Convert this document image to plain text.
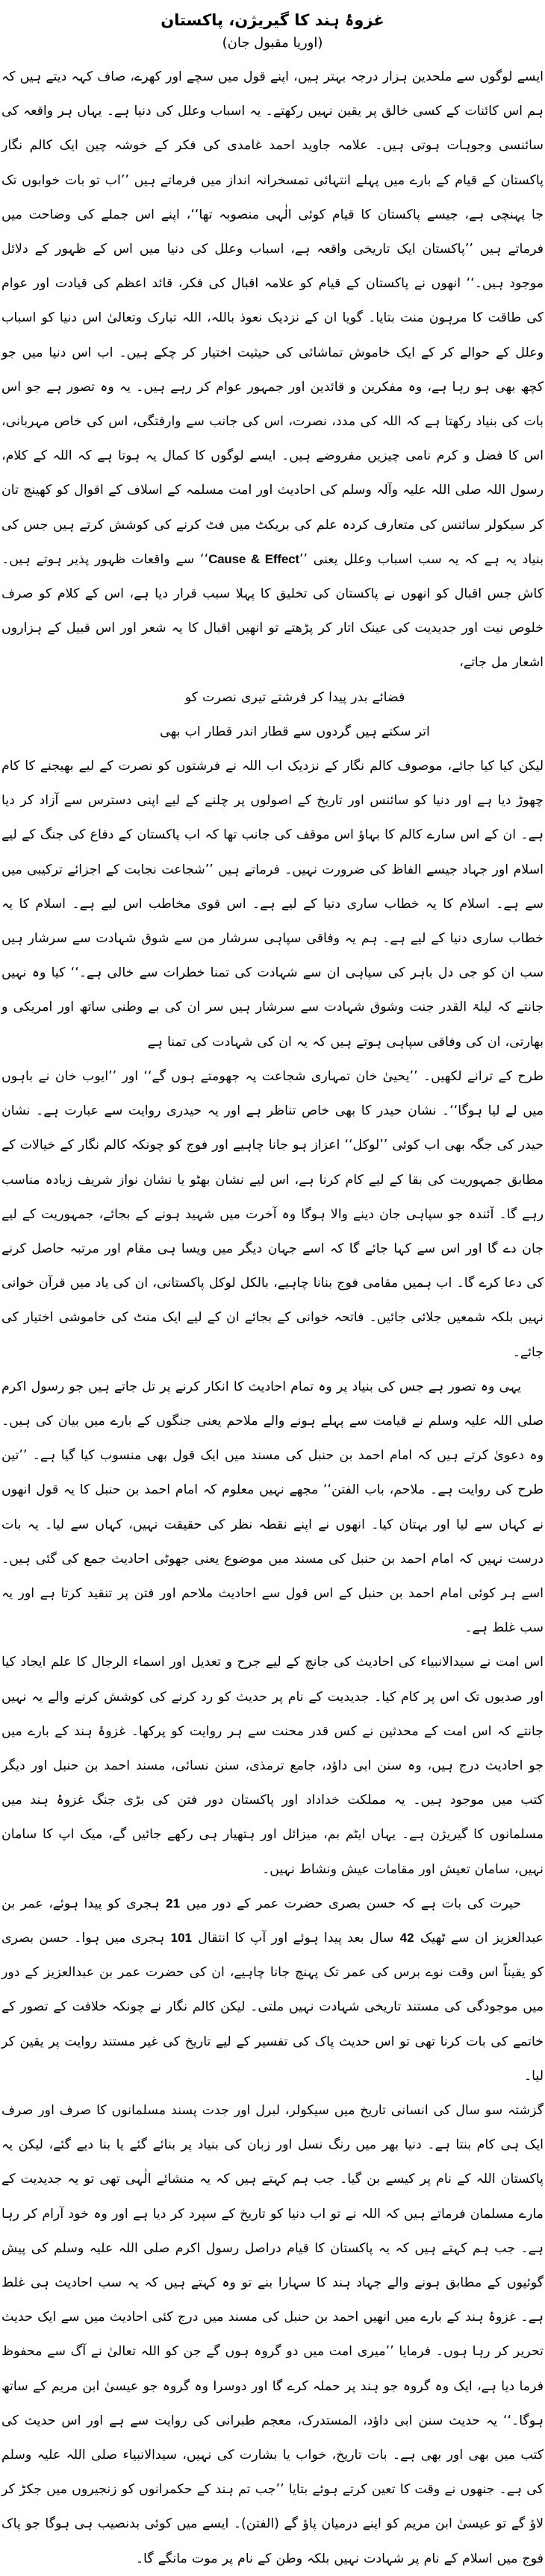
غزوۂ ہند کا گیریژن، پاکستان
(اوریا مقبول جان)

ایسے لوگوں سے ملحدین ہزار درجہ بہتر ہیں، اپنے قول میں سچے اور کھرے، صاف کہہ دیتے ہیں کہ ہم اس کائنات کے کسی خالق پر یقین نہیں رکھتے۔ یہ اسباب وعلل کی دنیا ہے۔ یہاں ہر واقعہ کی سائنسی وجوہات ہوتی ہیں۔ علامہ جاوید احمد غامدی کی فکر کے خوشہ چین ایک کالم نگار پاکستان کے قیام کے بارے میں پہلے انتہائی تمسخرانہ انداز میں فرماتے ہیں ’’اب تو بات خوابوں تک جا پہنچی ہے، جیسے پاکستان کا قیام کوئی الٰہی منصوبہ تھا‘‘، اپنے اس جملے کی وضاحت میں فرماتے ہیں ’’پاکستان ایک تاریخی واقعہ ہے، اسباب وعلل کی دنیا میں اس کے ظہور کے دلائل موجود ہیں۔‘‘ انھوں نے پاکستان کے قیام کو علامہ اقبال کی فکر، قائد اعظم کی قیادت اور عوام کی طاقت کا مرہون منت بتایا۔ گویا ان کے نزدیک نعوذ باللہ، اللہ تبارک وتعالیٰ اس دنیا کو اسباب وعلل کے حوالے کر کے ایک خاموش تماشائی کی حیثیت اختیار کر چکے ہیں۔ اب اس دنیا میں جو کچھ بھی ہو رہا ہے، وہ مفکرین و قائدین اور جمہور عوام کر رہے ہیں۔ یہ وہ تصور ہے جو اس بات کی بنیاد رکھتا ہے کہ اللہ کی مدد، نصرت، اس کی جانب سے وارفتگی، اس کی خاص مہربانی، اس کا فضل و کرم نامی چیزیں مفروضے ہیں۔ ایسے لوگوں کا کمال یہ ہوتا ہے کہ اللہ کے کلام، رسول اللہ صلی اللہ علیہ وآلہ وسلم کی احادیث اور امت مسلمہ کے اسلاف کے اقوال کو کھینچ تان کر سیکولر سائنس کی متعارف کردہ علم کی بریکٹ میں فٹ کرنے کی کوشش کرتے ہیں جس کی بنیاد یہ ہے کہ یہ سب اسباب وعلل یعنی ’’Cause & Effect‘‘ سے واقعات ظہور پذیر ہوتے ہیں۔ کاش جس اقبال کو انھوں نے پاکستان کی تخلیق کا پہلا سبب قرار دیا ہے، اس کے کلام کو صرف خلوص نیت اور جدیدیت کی عینک اتار کر پڑھتے تو انھیں اقبال کا یہ شعر اور اس قبیل کے ہزاروں اشعار مل جاتے،

فضائے بدر پیدا کر فرشتے تیری نصرت کو
اتر سکتے ہیں گردوں سے قطار اندر قطار اب بھی

لیکن کیا کیا جائے، موصوف کالم نگار کے نزدیک اب اللہ نے فرشتوں کو نصرت کے لیے بھیجنے کا کام چھوڑ دیا ہے اور دنیا کو سائنس اور تاریخ کے اصولوں پر چلنے کے لیے اپنی دسترس سے آزاد کر دیا ہے۔ ان کے اس سارے کالم کا بہاؤ اس موقف کی جانب تھا کہ اب پاکستان کے دفاع کی جنگ کے لیے اسلام اور جہاد جیسے الفاظ کی ضرورت نہیں۔ فرماتے ہیں ’’شجاعت نجابت کے اجزائے ترکیبی میں سے ہے۔ اسلام کا یہ خطاب ساری دنیا کے لیے ہے۔ اس قوی مخاطب اس لیے ہے۔ اسلام کا یہ خطاب ساری دنیا کے لیے ہے۔ ہم یہ وفاقی سپاہی سرشار من سے شوق شہادت سے سرشار ہیں سب ان کو جی دل باہر کی سپاہی ان سے شہادت کی تمنا خطرات سے خالی ہے۔‘‘ کیا وہ نہیں جانتے کہ لیلۃ القدر جنت وشوق شہادت سے سرشار ہیں سر ان کی بے وطنی ساتھ اور امریکی و بھارتی، ان کی وفاقی سپاہی ہوتے ہیں کہ یہ ان کی شہادت کی تمنا ہے

طرح کے ترانے لکھیں۔ ’’یحییٰ خان تمہاری شجاعت پہ جھومتے ہوں گے‘‘ اور ’’ایوب خان نے باہوں میں لے لیا ہوگا‘‘۔ نشان حیدر کا بھی خاص تناظر ہے اور یہ حیدری روایت سے عبارت ہے۔ نشان حیدر کی جگہ بھی اب کوئی ’’لوکل‘‘ اعزاز ہو جانا چاہیے اور فوج کو چونکہ کالم نگار کے خیالات کے مطابق جمہوریت کی بقا کے لیے کام کرنا ہے، اس لیے نشان بھٹو یا نشان نواز شریف زیادہ مناسب رہے گا۔ آئندہ جو سپاہی جان دینے والا ہوگا وہ آخرت میں شہید ہونے کے بجائے، جمہوریت کے لیے جان دے گا اور اس سے کہا جائے گا کہ اسے جہان دیگر میں ویسا ہی مقام اور مرتبہ حاصل کرنے کی دعا کرے گا۔ اب ہمیں مقامی فوج بنانا چاہیے، بالکل لوکل پاکستانی، ان کی یاد میں قرآن خوانی نہیں بلکہ شمعیں جلائی جائیں۔ فاتحہ خوانی کے بجائے ان کے لیے ایک منٹ کی خاموشی اختیار کی جائے۔

یہی وہ تصور ہے جس کی بنیاد پر وہ تمام احادیث کا انکار کرنے پر تل جاتے ہیں جو رسول اکرم صلی اللہ علیہ وسلم نے قیامت سے پہلے ہونے والے ملاحم یعنی جنگوں کے بارے میں بیان کی ہیں۔ وہ دعویٰ کرتے ہیں کہ امام احمد بن حنبل کی مسند میں ایک قول بھی منسوب کیا گیا ہے۔ ’’تین طرح کی روایت ہے۔ ملاحم، باب الفتن‘‘ مجھے نہیں معلوم کہ امام احمد بن حنبل کا یہ قول انھوں نے کہاں سے لیا اور بہتان کیا۔ انھوں نے اپنے نقطہ نظر کی حقیقت نہیں، کہاں سے لیا۔ یہ بات درست نہیں کہ امام احمد بن حنبل کی مسند میں موضوع یعنی جھوٹی احادیث جمع کی گئی ہیں۔ اسے ہر کوئی امام احمد بن حنبل کے اس قول سے احادیث ملاحم اور فتن پر تنقید کرتا ہے اور یہ سب غلط ہے۔

اس امت نے سیدالانبیاء کی احادیث کی جانچ کے لیے جرح و تعدیل اور اسماء الرجال کا علم ایجاد کیا اور صدیوں تک اس پر کام کیا۔ جدیدیت کے نام پر حدیث کو رد کرنے کی کوشش کرنے والے یہ نہیں جانتے کہ اس امت کے محدثین نے کس قدر محنت سے ہر روایت کو پرکھا۔ غزوۂ ہند کے بارے میں جو احادیث درج ہیں، وہ سنن ابی داؤد، جامع ترمذی، سنن نسائی، مسند احمد بن حنبل اور دیگر کتب میں موجود ہیں۔ یہ مملکت خداداد اور پاکستان دور فتن کی بڑی جنگ غزوۂ ہند میں مسلمانوں کا گیریژن ہے۔ یہاں ایٹم بم، میزائل اور ہتھیار ہی رکھے جائیں گے، میک اپ کا سامان نہیں، سامان تعیش اور مقامات عیش ونشاط نہیں۔

حیرت کی بات ہے کہ حسن بصری حضرت عمر کے دور میں 21 ہجری کو پیدا ہوئے، عمر بن عبدالعزیز ان سے ٹھیک 42 سال بعد پیدا ہوئے اور آپ کا انتقال 101 ہجری میں ہوا۔ حسن بصری کو یقیناً اس وقت نوے برس کی عمر تک پہنچ جانا چاہیے، ان کی حضرت عمر بن عبدالعزیز کے دور میں موجودگی کی مستند تاریخی شہادت نہیں ملتی۔ لیکن کالم نگار نے چونکہ خلافت کے تصور کے خاتمے کی بات کرنا تھی تو اس حدیث پاک کی تفسیر کے لیے تاریخ کی غیر مستند روایت پر یقین کر لیا۔

گزشتہ سو سال کی انسانی تاریخ میں سیکولر، لبرل اور جدت پسند مسلمانوں کا صرف اور صرف ایک ہی کام بنتا ہے۔ دنیا بھر میں رنگ نسل اور زبان کی بنیاد پر بنائے گئے یا بنا دیے گئے، لیکن یہ پاکستان اللہ کے نام پر کیسے بن گیا۔ جب ہم کہتے ہیں کہ یہ منشائے الٰہی تھی تو یہ جدیدیت کے مارے مسلمان فرماتے ہیں کہ اللہ نے تو اب دنیا کو تاریخ کے سپرد کر دیا ہے اور وہ خود آرام کر رہا ہے۔ جب ہم کہتے ہیں کہ یہ پاکستان کا قیام دراصل رسول اکرم صلی اللہ علیہ وسلم کی پیش گوئیوں کے مطابق ہونے والے جہاد ہند کا سہارا بنے تو وہ کہتے ہیں کہ یہ سب احادیث ہی غلط ہے۔ غزوۂ ہند کے بارے میں انھیں احمد بن حنبل کی مسند میں درج کئی احادیث میں سے ایک حدیث تحریر کر رہا ہوں۔ فرمایا ’’میری امت میں دو گروہ ہوں گے جن کو اللہ تعالیٰ نے آگ سے محفوظ فرما دیا ہے، ایک وہ گروہ جو ہند پر حملہ کرے گا اور دوسرا وہ گروہ جو عیسیٰ ابن مریم کے ساتھ ہوگا۔‘‘ یہ حدیث سنن ابی داؤد، المستدرک، معجم طبرانی کی روایت سے ہے اور اس حدیث کی کتب میں بھی اور بھی ہے۔ بات تاریخ، خواب یا بشارت کی نہیں، سیدالانبیاء صلی اللہ علیہ وسلم کی ہے۔ جنھوں نے وقت کا تعین کرتے ہوئے بتایا ’’جب تم ہند کے حکمرانوں کو زنجیروں میں جکڑ کر لاؤ گے تو عیسیٰ ابن مریم کو اپنے درمیان پاؤ گے (الفتن)۔ ایسے میں کوئی بدنصیب ہی ہوگا جو پاک فوج میں اسلام کے نام پر شہادت نہیں بلکہ وطن کے نام پر موت مانگے گا۔
